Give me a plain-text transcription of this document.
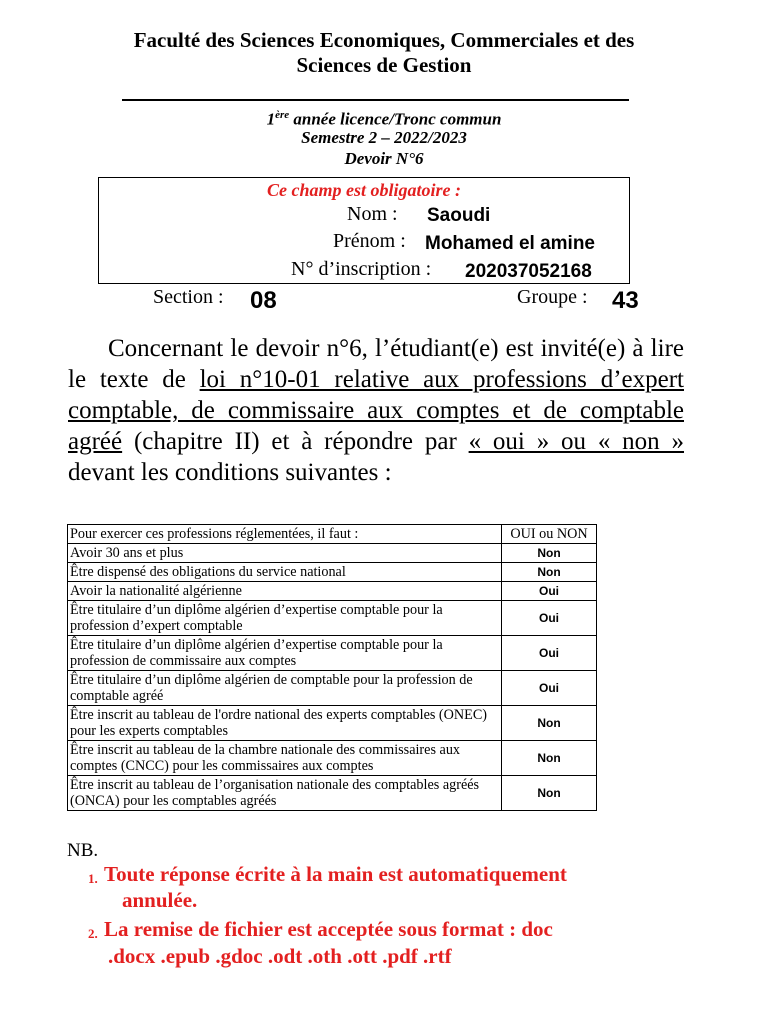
Faculté des Sciences Economiques, Commerciales et des
Sciences de Gestion
1ère année licence/Tronc commun
Semestre 2 – 2022/2023
Devoir N°6
Ce champ est obligatoire :
Nom : Saoudi
Prénom : Mohamed el amine
N° d’inscription : 202037052168
Section : 08	Groupe : 43

Concernant le devoir n°6, l’étudiant(e) est invité(e) à lire le texte de loi n°10-01 relative aux professions d’expert comptable, de commissaire aux comptes et de comptable agréé (chapitre II) et à répondre par « oui » ou « non » devant les conditions suivantes :

Pour exercer ces professions réglementées, il faut :	OUI ou NON
Avoir 30 ans et plus	Non
Être dispensé des obligations du service national	Non
Avoir la nationalité algérienne	Oui
Être titulaire d’un diplôme algérien d’expertise comptable pour la profession d’expert comptable	Oui
Être titulaire d’un diplôme algérien d’expertise comptable pour la profession de commissaire aux comptes	Oui
Être titulaire d’un diplôme algérien de comptable pour la profession de comptable agréé	Oui
Être inscrit au tableau de l'ordre national des experts comptables (ONEC) pour les experts comptables	Non
Être inscrit au tableau de la chambre nationale des commissaires aux comptes (CNCC) pour les commissaires aux comptes	Non
Être inscrit au tableau de l’organisation nationale des comptables agréés (ONCA) pour les comptables agréés	Non
NB.
1. Toute réponse écrite à la main est automatiquement
annulée.
2. La remise de fichier est acceptée sous format : doc
.docx .epub .gdoc .odt .oth .ott .pdf .rtf
